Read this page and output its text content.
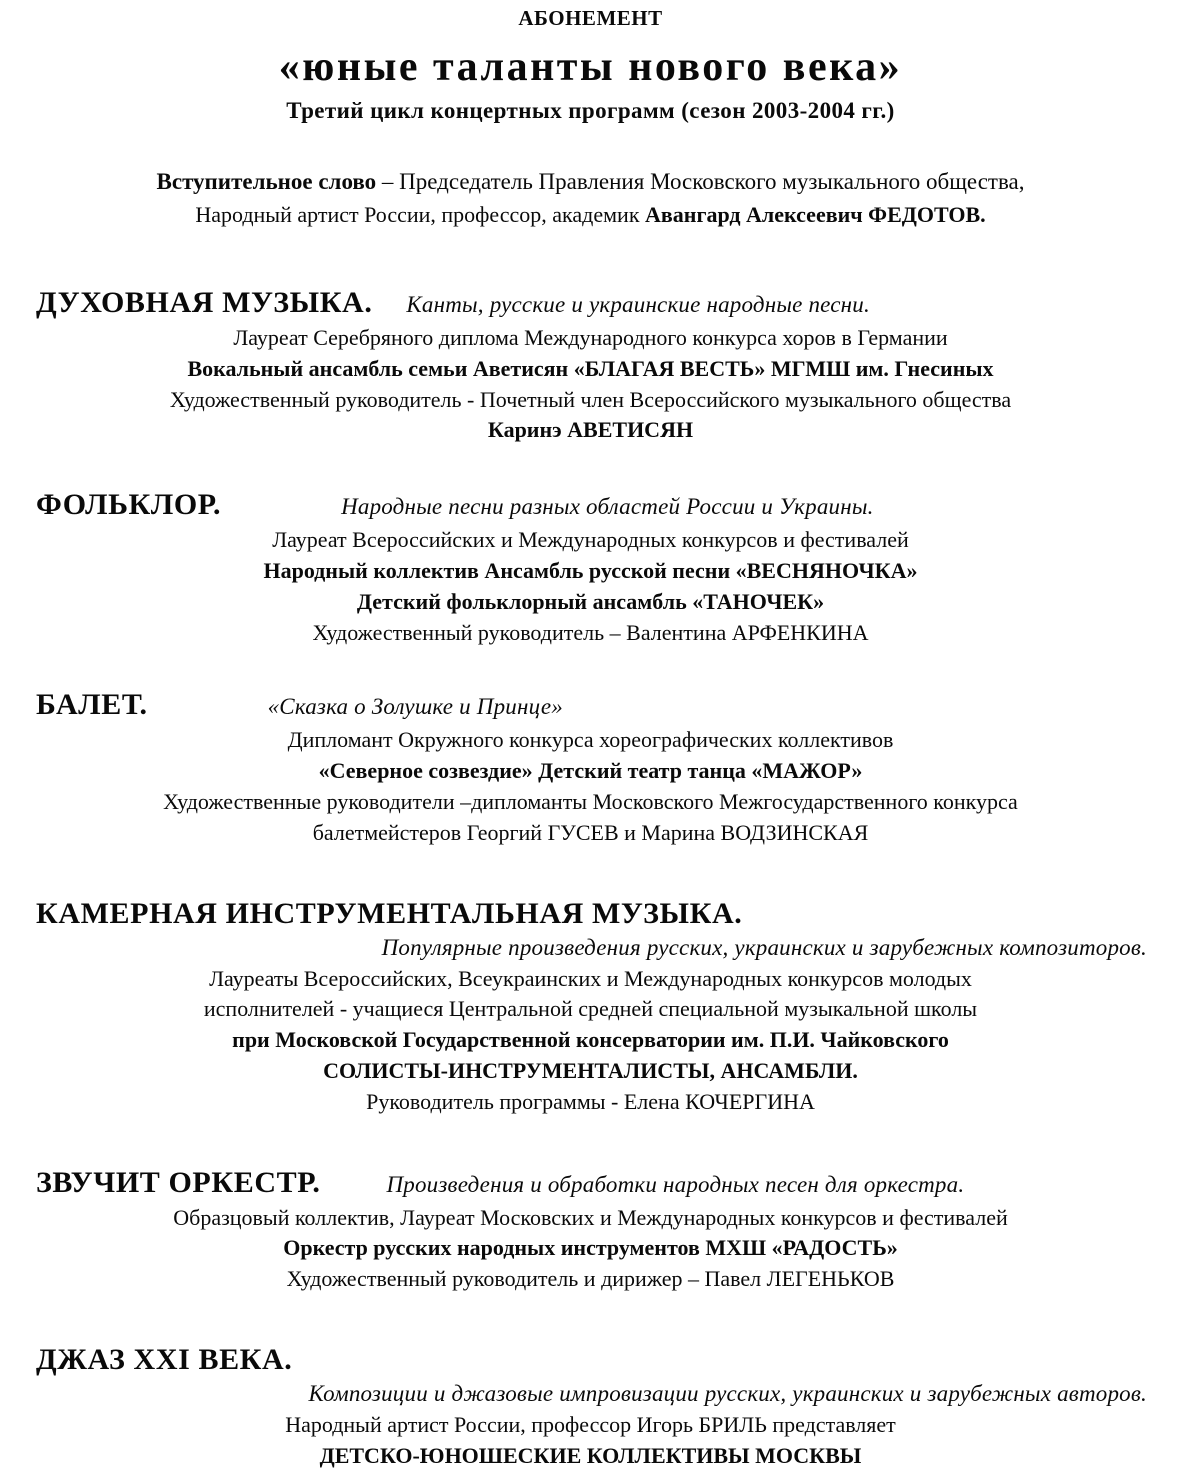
АБОНЕМЕНТ
«юные таланты нового века»
Третий цикл концертных программ (сезон 2003-2004 гг.)
Вступительное слово – Председатель Правления Московского музыкального общества,
Народный артист России, профессор, академик Авангард Алексеевич ФЕДОТОВ.
ДУХОВНАЯ МУЗЫКА. Канты, русские и украинские народные песни.
Лауреат Серебряного диплома Международного конкурса хоров в Германии
Вокальный ансамбль семьи Аветисян «БЛАГАЯ ВЕСТЬ» МГМШ им. Гнесиных
Художественный руководитель - Почетный член Всероссийского музыкального общества
Каринэ АВЕТИСЯН
ФОЛЬКЛОР.	Народные песни разных областей России и Украины.
Лауреат Всероссийских и Международных конкурсов и фестивалей
Народный коллектив Ансамбль русской песни «ВЕСНЯНОЧКА»
Детский фольклорный ансамбль «ТАНОЧЕК»
Художественный руководитель – Валентина АРФЕНКИНА
БАЛЕТ.	«Сказка о Золушке и Принце»
Дипломант Окружного конкурса хореографических коллективов
«Северное созвездие» Детский театр танца «МАЖОР»
Художественные руководители –дипломанты Московского Межгосударственного конкурса
балетмейстеров Георгий ГУСЕВ и Марина ВОДЗИНСКАЯ
КАМЕРНАЯ ИНСТРУМЕНТАЛЬНАЯ МУЗЫКА.
Популярные произведения русских, украинских и зарубежных композиторов.
Лауреаты Всероссийских, Всеукраинских и Международных конкурсов молодых
исполнителей - учащиеся Центральной средней специальной музыкальной школы
при Московской Государственной консерватории им. П.И. Чайковского
СОЛИСТЫ-ИНСТРУМЕНТАЛИСТЫ, АНСАМБЛИ.
Руководитель программы - Елена КОЧЕРГИНА
ЗВУЧИТ ОРКЕСТР.	Произведения и обработки народных песен для оркестра.
Образцовый коллектив, Лауреат Московских и Международных конкурсов и фестивалей
Оркестр русских народных инструментов МХШ «РАДОСТЬ»
Художественный руководитель и дирижер – Павел ЛЕГЕНЬКОВ
ДЖАЗ XXI ВЕКА.
Композиции и джазовые импровизации русских, украинских и зарубежных авторов.
Народный артист России, профессор Игорь БРИЛЬ представляет
ДЕТСКО-ЮНОШЕСКИЕ КОЛЛЕКТИВЫ МОСКВЫ
